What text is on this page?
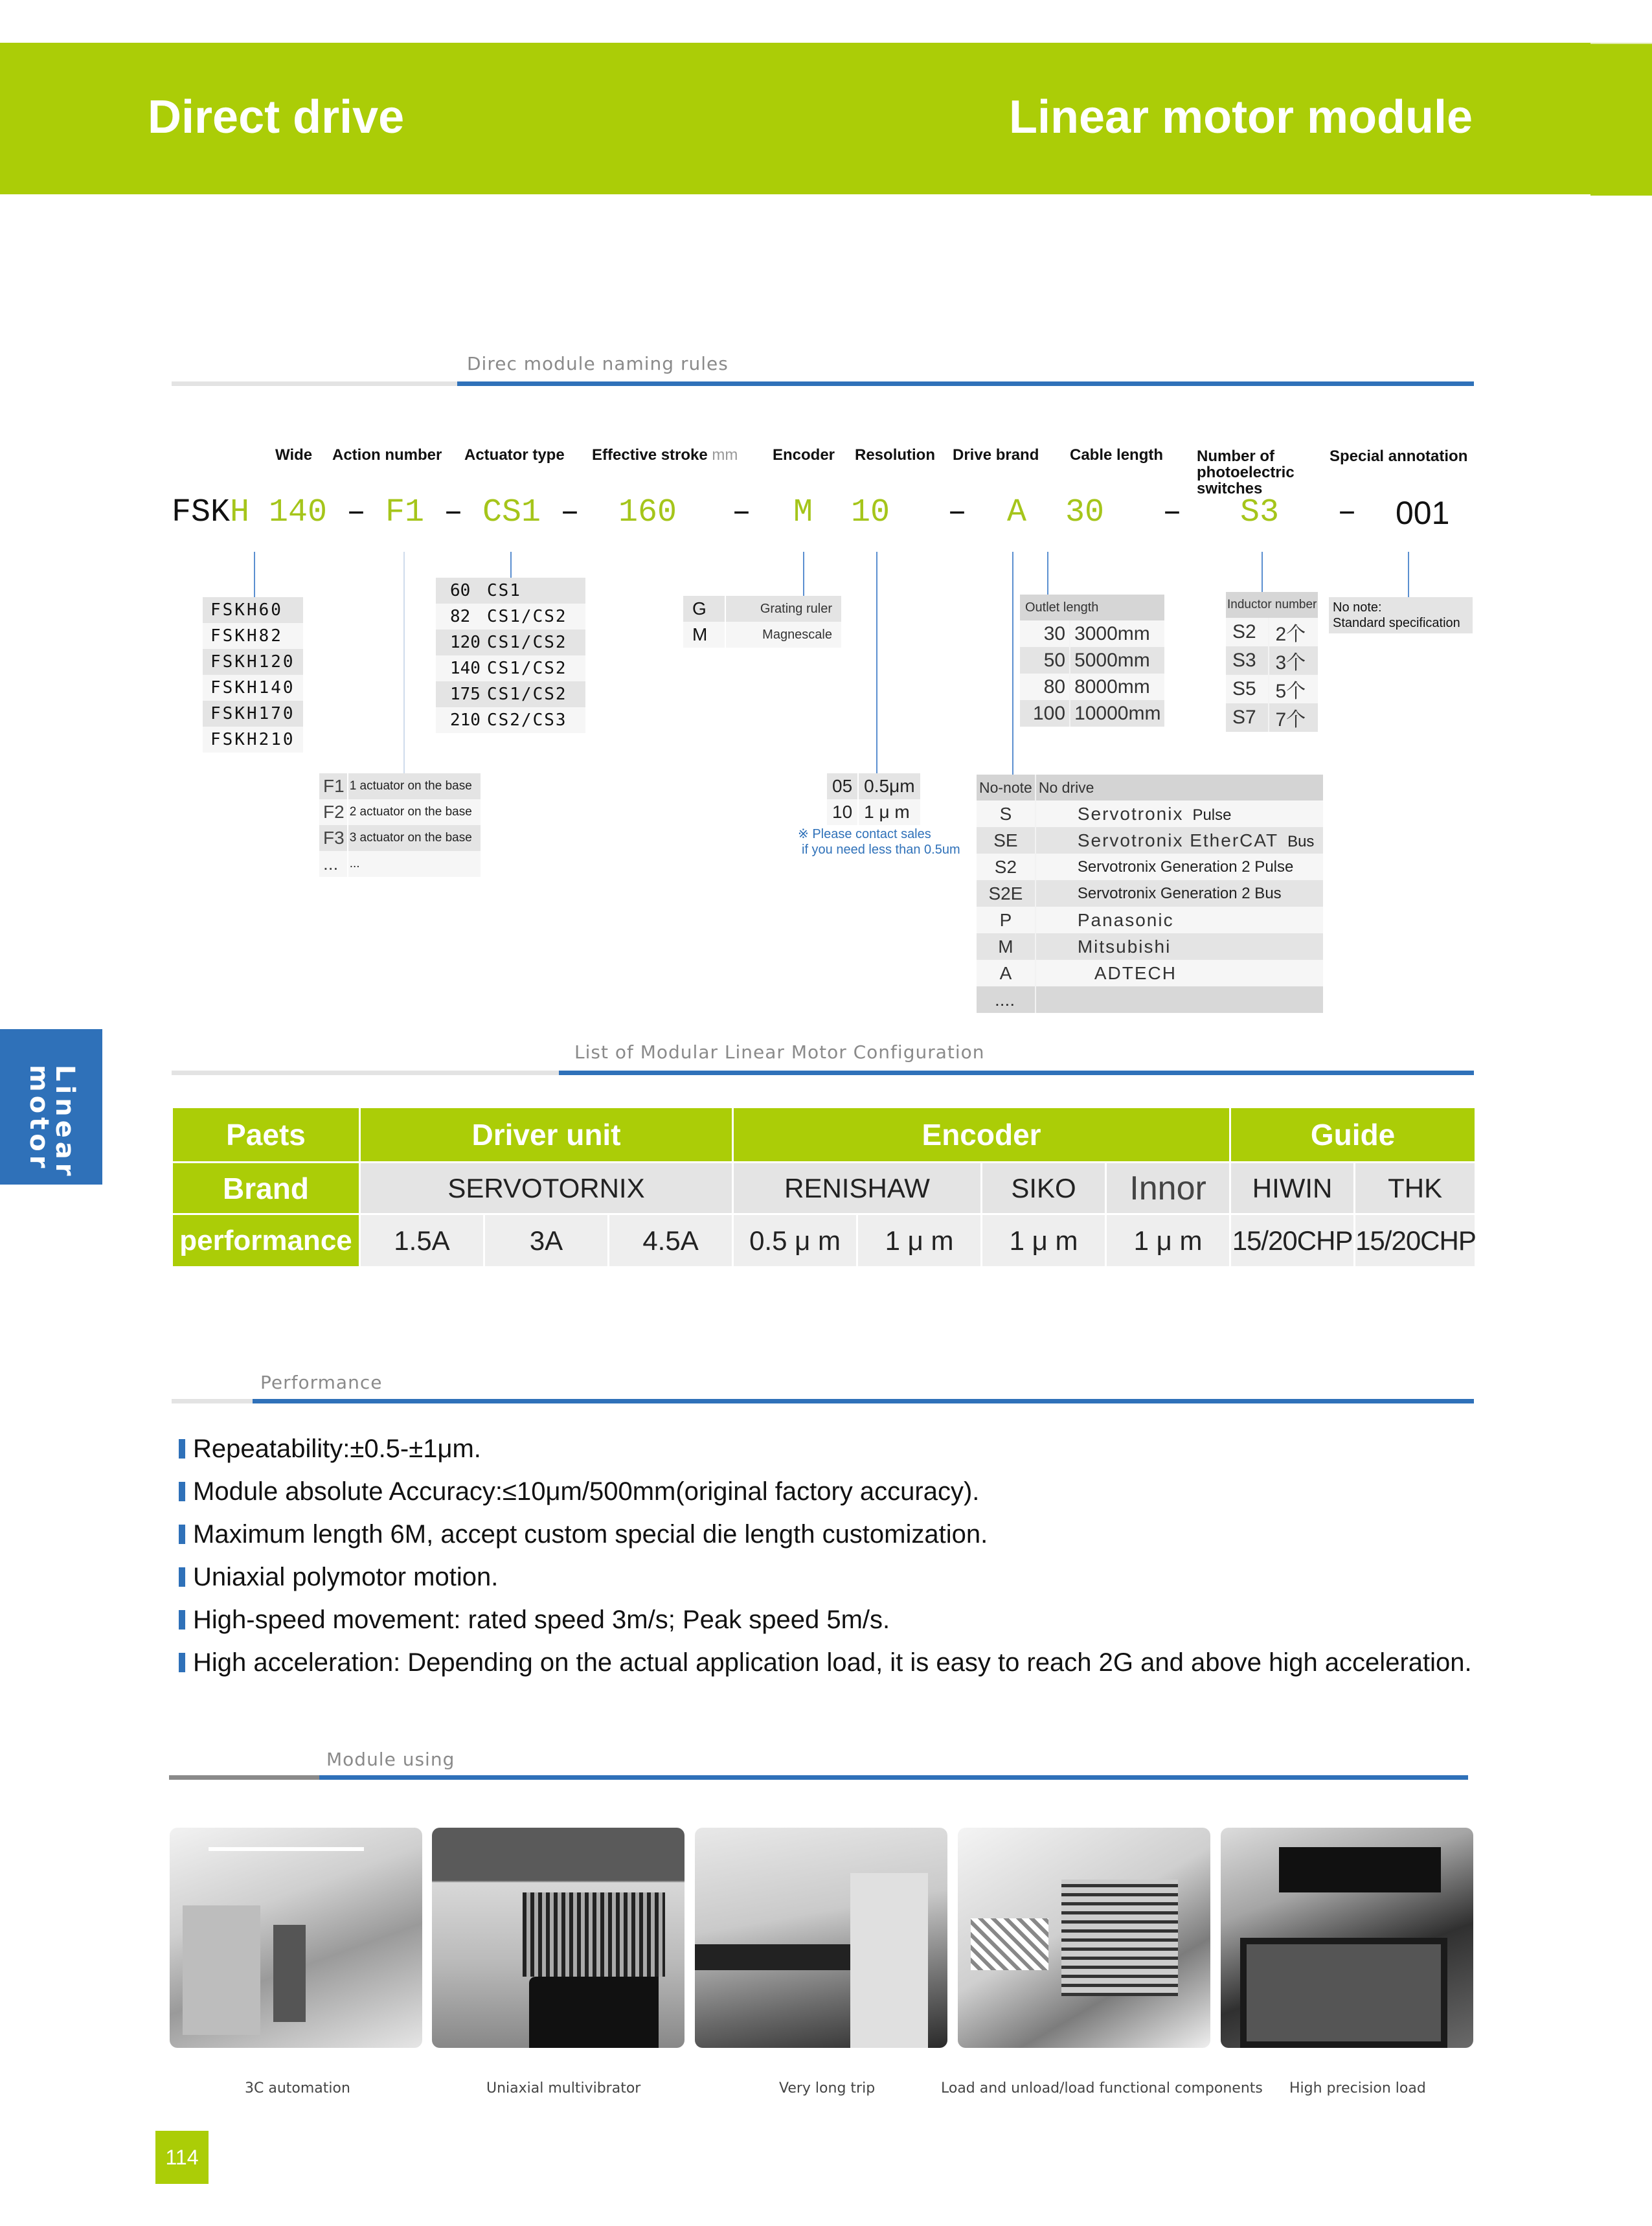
Direct drive	Linear motor module
Linear motor
Direc module naming rules
Wide Action number Actuator type Effective stroke mm Encoder Resolution Drive brand Cable length Number of
photoelectric
switches
Special annotation
FSK H 140 – F1 – CS1 – 160 – M 10 – A 30 – S3 – 001
FSKH60
FSKH82
FSKH120
FSKH140
FSKH170
FSKH210
60	CS1
82	CS1/CS2
120	CS1/CS2
140	CS1/CS2
175	CS1/CS2
210	CS2/CS3
G	Grating ruler
M	Magnescale
Outlet length	
30	3000mm
50	5000mm
80	8000mm
100	10000mm
Inductor number	
S2	2个
S3	3个
S5	5个
S7	7个
No note:
Standard specification
F1	1 actuator on the base
F2	2 actuator on the base
F3	3 actuator on the base
...	...
05	0.5μm
10	1 μ m
※ Please contact sales
if you need less than 0.5um
No-note	No drive
S	Servotronix Pulse
SE	Servotronix EtherCAT Bus
S2	Servotronix Generation 2 Pulse
S2E	Servotronix Generation 2 Bus
P	Panasonic
M	Mitsubishi
A	ADTECH
....	
List of Modular Linear Motor Configuration
Paets	Driver unit			Encoder				Guide	
Brand	SERVOTORNIX			RENISHAW		SIKO	Innor	HIWIN	THK
performance	1.5A	3A	4.5A	0.5 μ m	1 μ m	1 μ m	1 μ m	15/20CHP	15/20CHP
Performance
Repeatability:±0.5-±1μm.
Module absolute Accuracy:≤10μm/500mm(original factory accuracy).
Maximum length 6M, accept custom special die length customization.
Uniaxial polymotor motion.
High-speed movement: rated speed 3m/s; Peak speed 5m/s.
High acceleration: Depending on the actual application load, it is easy to reach 2G and above high acceleration.
Module using
3C automation	Uniaxial multivibrator	Very long trip	Load and unload/load functional components High precision load
114
